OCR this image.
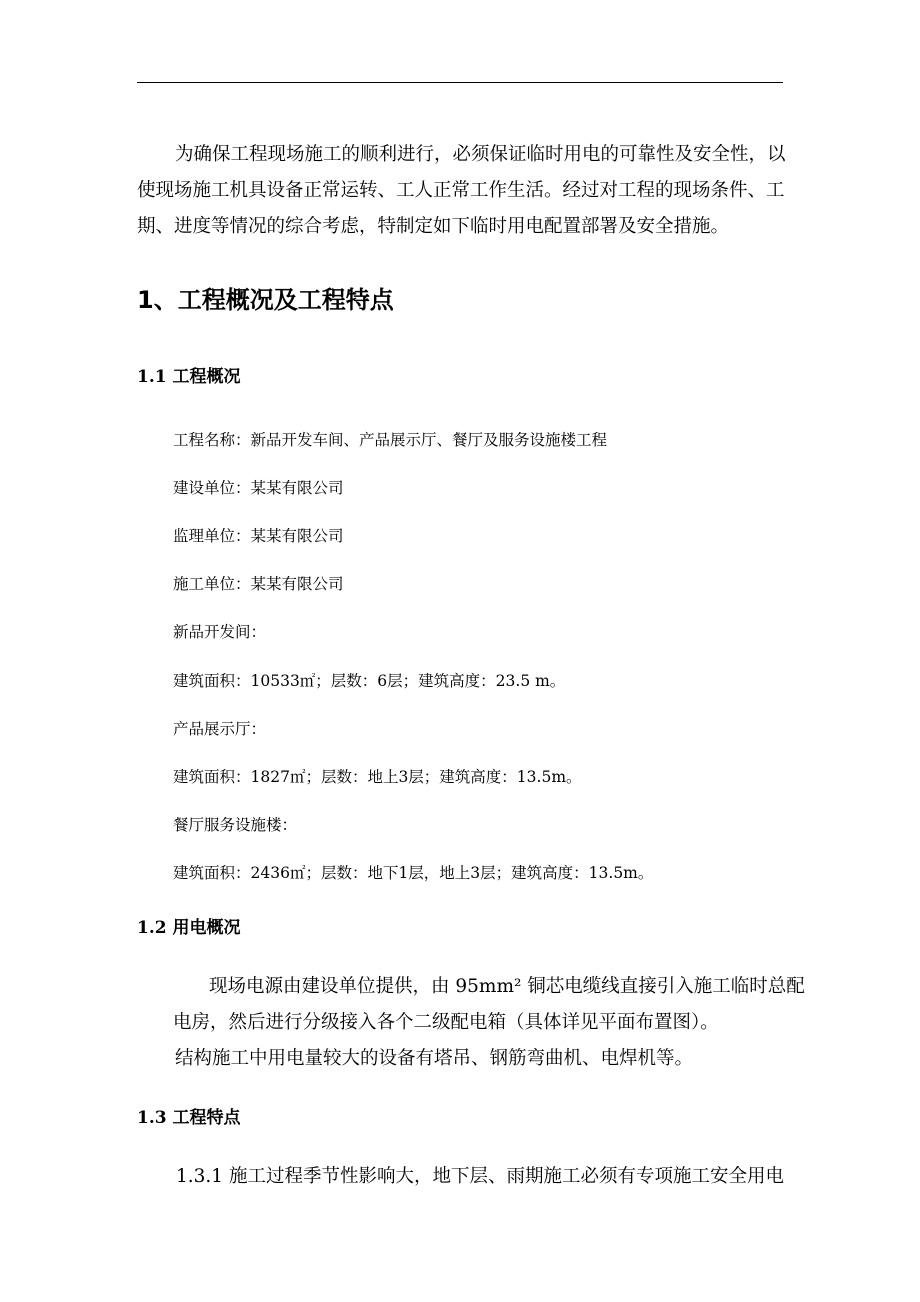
为确保工程现场施工的顺利进行，必须保证临时用电的可靠性及安全性，以

使现场施工机具设备正常运转、工人正常工作生活。经过对工程的现场条件、工

期、进度等情况的综合考虑，特制定如下临时用电配置部署及安全措施。

1、工程概况及工程特点
1.1 工程概况

工程名称：新品开发车间、产品展示厅、餐厅及服务设施楼工程

建设单位：某某有限公司

监理单位：某某有限公司

施工单位：某某有限公司

新品开发间：

建筑面积：10533㎡；层数：6层；建筑高度：23.5 m。

产品展示厅：

建筑面积：1827㎡；层数：地上3层；建筑高度：13.5m。

餐厅服务设施楼：

建筑面积：2436㎡；层数：地下1层，地上3层；建筑高度：13.5m。

1.2 用电概况

现场电源由建设单位提供，由 95mm² 铜芯电缆线直接引入施工临时总配

电房，然后进行分级接入各个二级配电箱（具体详见平面布置图）。

结构施工中用电量较大的设备有塔吊、钢筋弯曲机、电焊机等。

1.3 工程特点

1.3.1 施工过程季节性影响大，地下层、雨期施工必须有专项施工安全用电
